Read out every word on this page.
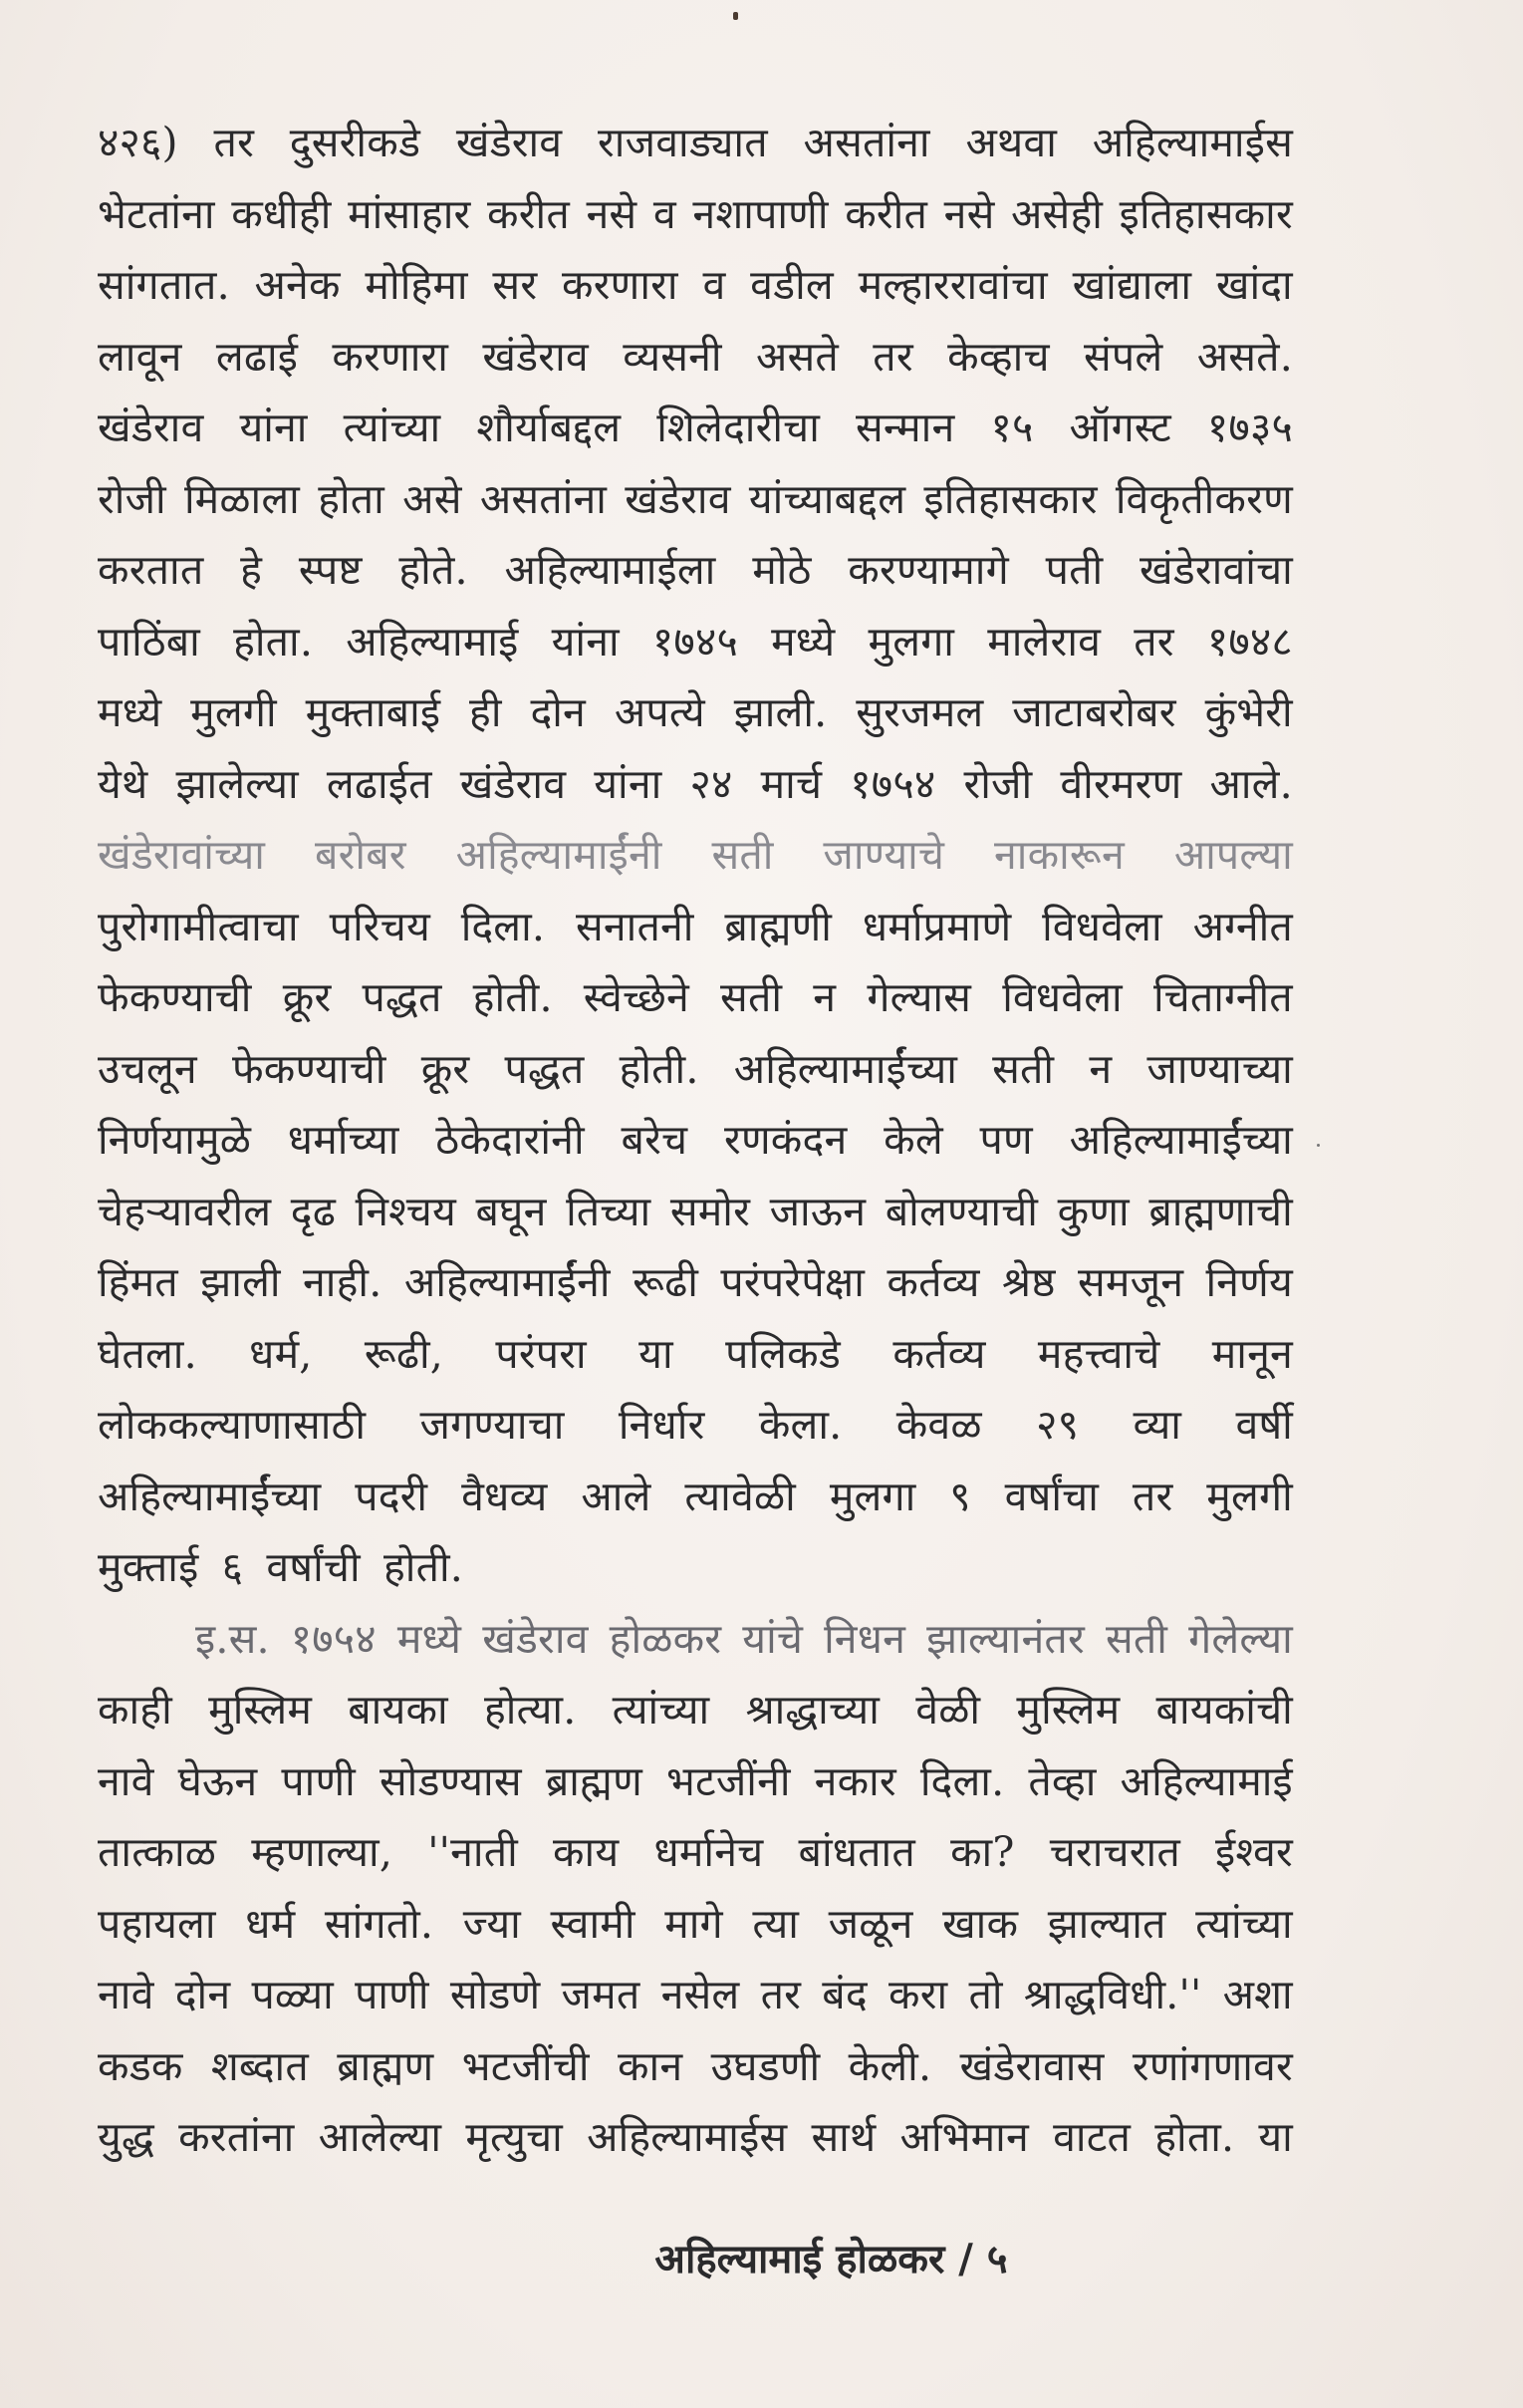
४२६) तर दुसरीकडे खंडेराव राजवाड्यात असतांना अथवा अहिल्यामाईस
भेटतांना कधीही मांसाहार करीत नसे व नशापाणी करीत नसे असेही इतिहासकार
सांगतात. अनेक मोहिमा सर करणारा व वडील मल्हाररावांचा खांद्याला खांदा
लावून लढाई करणारा खंडेराव व्यसनी असते तर केव्हाच संपले असते.
खंडेराव यांना त्यांच्या शौर्याबद्दल शिलेदारीचा सन्मान १५ ऑगस्ट १७३५
रोजी मिळाला होता असे असतांना खंडेराव यांच्याबद्दल इतिहासकार विकृतीकरण
करतात हे स्पष्ट होते. अहिल्यामाईला मोठे करण्यामागे पती खंडेरावांचा
पाठिंबा होता. अहिल्यामाई यांना १७४५ मध्ये मुलगा मालेराव तर १७४८
मध्ये मुलगी मुक्ताबाई ही दोन अपत्ये झाली. सुरजमल जाटाबरोबर कुंभेरी
येथे झालेल्या लढाईत खंडेराव यांना २४ मार्च १७५४ रोजी वीरमरण आले.
खंडेरावांच्या बरोबर अहिल्यामाईंनी सती जाण्याचे नाकारून आपल्या
पुरोगामीत्वाचा परिचय दिला. सनातनी ब्राह्मणी धर्माप्रमाणे विधवेला अग्नीत
फेकण्याची क्रूर पद्धत होती. स्वेच्छेने सती न गेल्यास विधवेला चिताग्नीत
उचलून फेकण्याची क्रूर पद्धत होती. अहिल्यामाईंच्या सती न जाण्याच्या
निर्णयामुळे धर्माच्या ठेकेदारांनी बरेच रणकंदन केले पण अहिल्यामाईंच्या
चेहऱ्यावरील दृढ निश्चय बघून तिच्या समोर जाऊन बोलण्याची कुणा ब्राह्मणाची
हिंमत झाली नाही. अहिल्यामाईंनी रूढी परंपरेपेक्षा कर्तव्य श्रेष्ठ समजून निर्णय
घेतला. धर्म, रूढी, परंपरा या पलिकडे कर्तव्य महत्त्वाचे मानून
लोककल्याणासाठी जगण्याचा निर्धार केला. केवळ २९ व्या वर्षी
अहिल्यामाईंच्या पदरी वैधव्य आले त्यावेळी मुलगा ९ वर्षांचा तर मुलगी
मुक्ताई ६ वर्षांची होती.
इ.स. १७५४ मध्ये खंडेराव होळकर यांचे निधन झाल्यानंतर सती गेलेल्या
काही मुस्लिम बायका होत्या. त्यांच्या श्राद्धाच्या वेळी मुस्लिम बायकांची
नावे घेऊन पाणी सोडण्यास ब्राह्मण भटजींनी नकार दिला. तेव्हा अहिल्यामाई
तात्काळ म्हणाल्या, ''नाती काय धर्मानेच बांधतात का? चराचरात ईश्वर
पहायला धर्म सांगतो. ज्या स्वामी मागे त्या जळून खाक झाल्यात त्यांच्या
नावे दोन पळ्या पाणी सोडणे जमत नसेल तर बंद करा तो श्राद्धविधी.'' अशा
कडक शब्दात ब्राह्मण भटजींची कान उघडणी केली. खंडेरावास रणांगणावर
युद्ध करतांना आलेल्या मृत्युचा अहिल्यामाईस सार्थ अभिमान वाटत होता. या
अहिल्यामाई होळकर / ५
